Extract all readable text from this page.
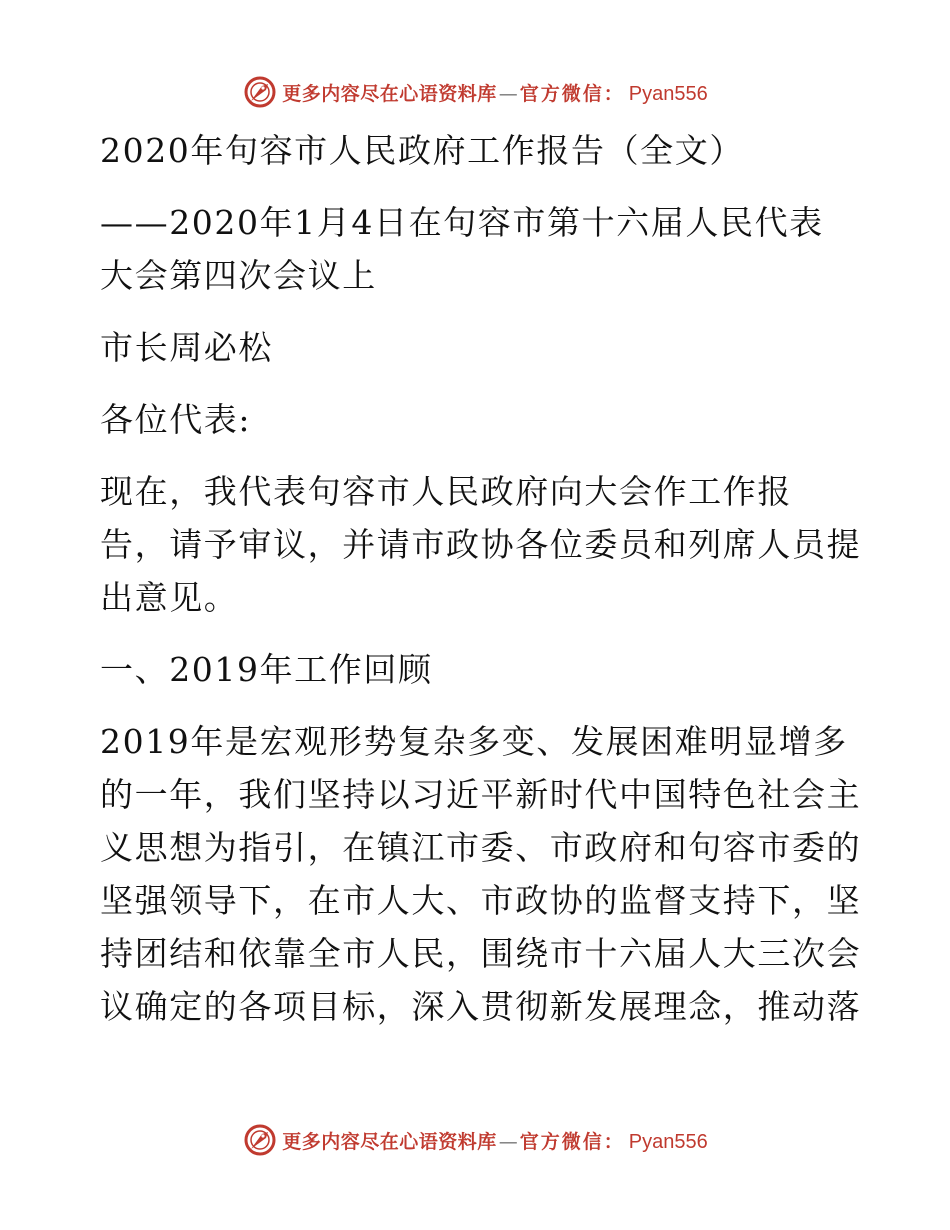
更多内容尽在心语资料库 — 官方微信： Pyan556

2020年句容市人民政府工作报告（全文）

——2020年1月4日在句容市第十六届人民代表
大会第四次会议上

市长周必松

各位代表:

现在，我代表句容市人民政府向大会作工作报
告，请予审议，并请市政协各位委员和列席人员提
出意见。

一、2019年工作回顾

2019年是宏观形势复杂多变、发展困难明显增多
的一年，我们坚持以习近平新时代中国特色社会主
义思想为指引，在镇江市委、市政府和句容市委的
坚强领导下，在市人大、市政协的监督支持下，坚
持团结和依靠全市人民，围绕市十六届人大三次会
议确定的各项目标，深入贯彻新发展理念，推动落

更多内容尽在心语资料库 — 官方微信： Pyan556
